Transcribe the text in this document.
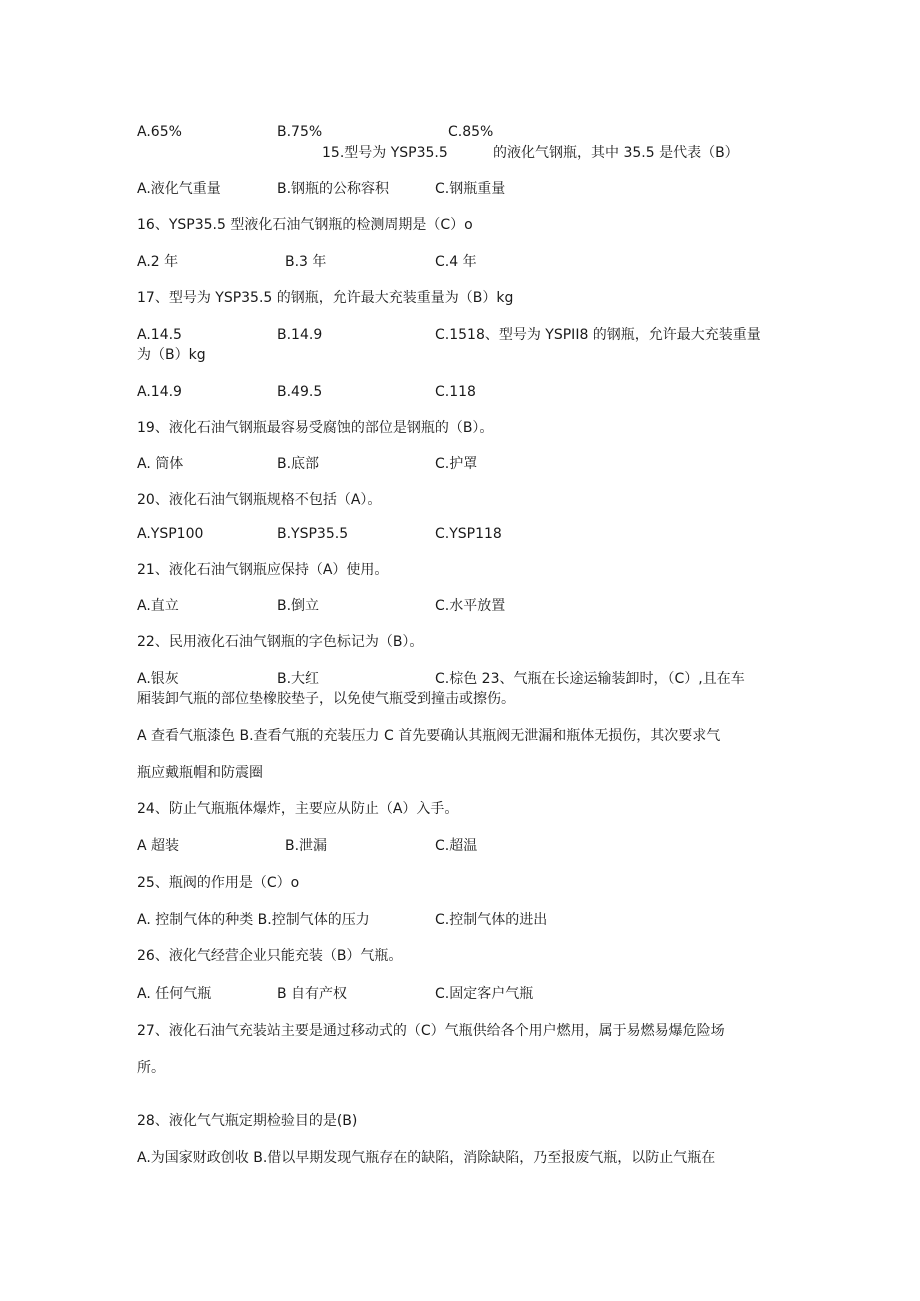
A.65%	B.75%	C.85%
15.型号为 YSP35.5	的液化气钢瓶，其中 35.5 是代表（B）
A.液化气重量	B.钢瓶的公称容积	C.钢瓶重量
16、YSP35.5 型液化石油气钢瓶的检测周期是（C）o
A.2 年	B.3 年	C.4 年
17、型号为 YSP35.5 的钢瓶，允许最大充装重量为（B）kg
A.14.5	B.14.9	C.1518、型号为 YSPII8 的钢瓶，允许最大充装重量
为（B）kg
A.14.9	B.49.5	C.118
19、液化石油气钢瓶最容易受腐蚀的部位是钢瓶的（B）。
A. 筒体	B.底部	C.护罩
20、液化石油气钢瓶规格不包括（A）。
A.YSP100	B.YSP35.5	C.YSP118
21、液化石油气钢瓶应保持（A）使用。
A.直立	B.倒立	C.水平放置
22、民用液化石油气钢瓶的字色标记为（B）。
A.银灰	B.大红	C.棕色 23、气瓶在长途运输装卸时，（C）,且在车
厢装卸气瓶的部位垫橡胶垫子，以免使气瓶受到撞击或擦伤。
A 查看气瓶漆色 B.查看气瓶的充装压力 C 首先要确认其瓶阀无泄漏和瓶体无损伤，其次要求气
瓶应戴瓶帽和防震圈
24、防止气瓶瓶体爆炸，主要应从防止（A）入手。
A 超装	B.泄漏	C.超温
25、瓶阀的作用是（C）o
A. 控制气体的种类 B.控制气体的压力	C.控制气体的进出
26、液化气经营企业只能充装（B）气瓶。
A. 任何气瓶	B 自有产权	C.固定客户气瓶
27、液化石油气充装站主要是通过移动式的（C）气瓶供给各个用户燃用，属于易燃易爆危险场
所。
28、液化气气瓶定期检验目的是(B)
A.为国家财政创收 B.借以早期发现气瓶存在的缺陷，消除缺陷，乃至报废气瓶，以防止气瓶在
